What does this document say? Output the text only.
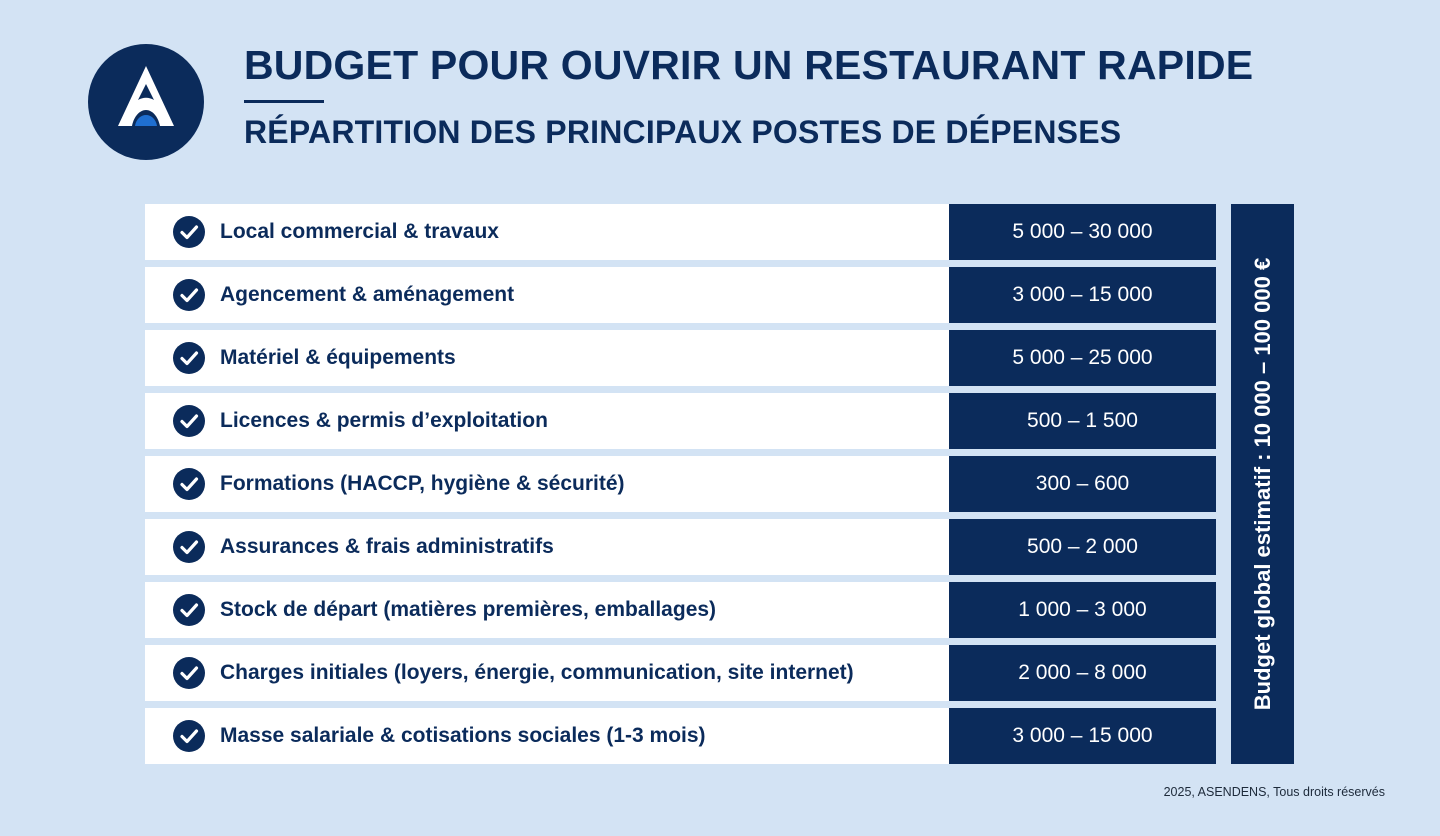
BUDGET POUR OUVRIR UN RESTAURANT RAPIDE
RÉPARTITION DES PRINCIPAUX POSTES DE DÉPENSES
Local commercial & travaux	5 000 – 30 000
Agencement & aménagement	3 000 – 15 000
Matériel & équipements	5 000 – 25 000
Licences & permis d’exploitation	500 – 1 500
Formations (HACCP, hygiène & sécurité)	300 – 600
Assurances & frais administratifs	500 – 2 000
Stock de départ (matières premières, emballages)	1 000 – 3 000
Charges initiales (loyers, énergie, communication, site internet)	2 000 – 8 000
Masse salariale & cotisations sociales (1-3 mois)	3 000 – 15 000
Budget global estimatif : 10 000 – 100 000 €
2025, ASENDENS, Tous droits réservés
